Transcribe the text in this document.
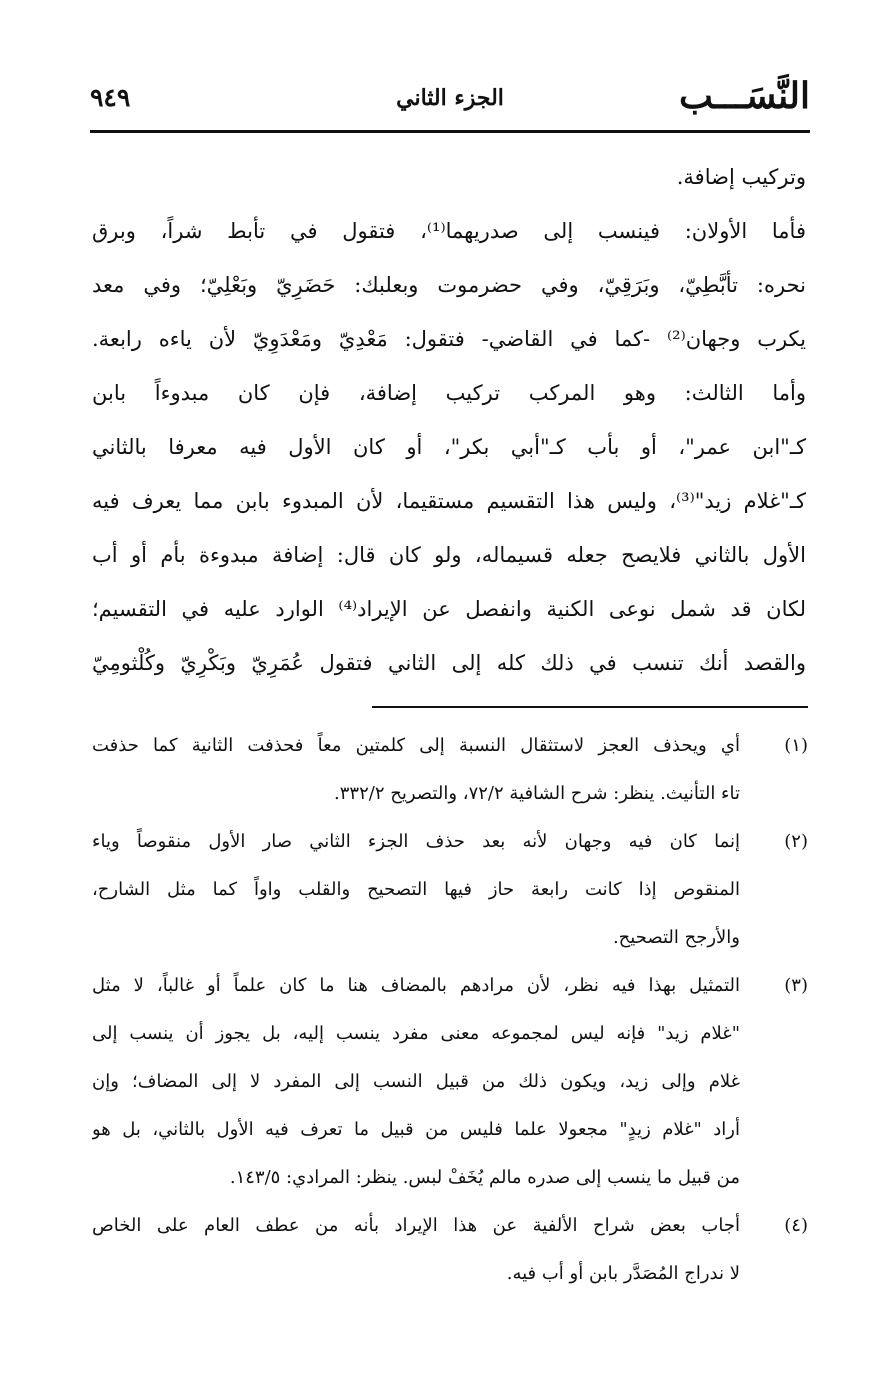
النَّسَـــب
الجزء الثاني
٩٤٩
وتركيب إضافة.
فأما الأولان: فينسب إلى صدريهما⁽¹⁾، فتقول في تأبط شراً، وبرق
نحره: تأبَّطِيّ، وبَرَقِيّ، وفي حضرموت وبعلبك: حَضَرِيّ وبَعْلِيّ؛ وفي معد
يكرب وجهان⁽²⁾ -كما في القاضي- فتقول: مَعْدِيّ ومَعْدَوِيّ لأن ياءه رابعة.
وأما الثالث: وهو المركب تركيب إضافة، فإن كان مبدوءاً بابن
كـ"ابن عمر"، أو بأب كـ"أبي بكر"، أو كان الأول فيه معرفا بالثاني
كـ"غلام زيد"⁽³⁾، وليس هذا التقسيم مستقيما، لأن المبدوء بابن مما يعرف فيه
الأول بالثاني فلايصح جعله قسيماله، ولو كان قال: إضافة مبدوءة بأم أو أب
لكان قد شمل نوعى الكنية وانفصل عن الإيراد⁽⁴⁾ الوارد عليه في التقسيم؛
والقصد أنك تنسب في ذلك كله إلى الثاني فتقول عُمَرِيّ وبَكْرِيّ وكُلْثومِيّ
(١)
أي ويحذف العجز لاستثقال النسبة إلى كلمتين معاً فحذفت الثانية كما حذفت
تاء التأنيث. ينظر: شرح الشافية ٧٢/٢، والتصريح ٣٣٢/٢.
(٢)
إنما كان فيه وجهان لأنه بعد حذف الجزء الثاني صار الأول منقوصاً وياء
المنقوص إذا كانت رابعة حاز فيها التصحيح والقلب واواً كما مثل الشارح،
والأرجح التصحيح.
(٣)
التمثيل بهذا فيه نظر، لأن مرادهم بالمضاف هنا ما كان علماً أو غالباً، لا مثل
"غلام زيد" فإنه ليس لمجموعه معنى مفرد ينسب إليه، بل يجوز أن ينسب إلى
غلام وإلى زيد، ويكون ذلك من قبيل النسب إلى المفرد لا إلى المضاف؛ وإن
أراد "غلام زيدٍ" مجعولا علما فليس من قبيل ما تعرف فيه الأول بالثاني، بل هو
من قبيل ما ينسب إلى صدره مالم يُخَفْ لبس. ينظر: المرادي: ١٤٣/٥.
(٤)
أجاب بعض شراح الألفية عن هذا الإيراد بأنه من عطف العام على الخاص
لا ندراج المُصَدَّر بابن أو أب فيه.
